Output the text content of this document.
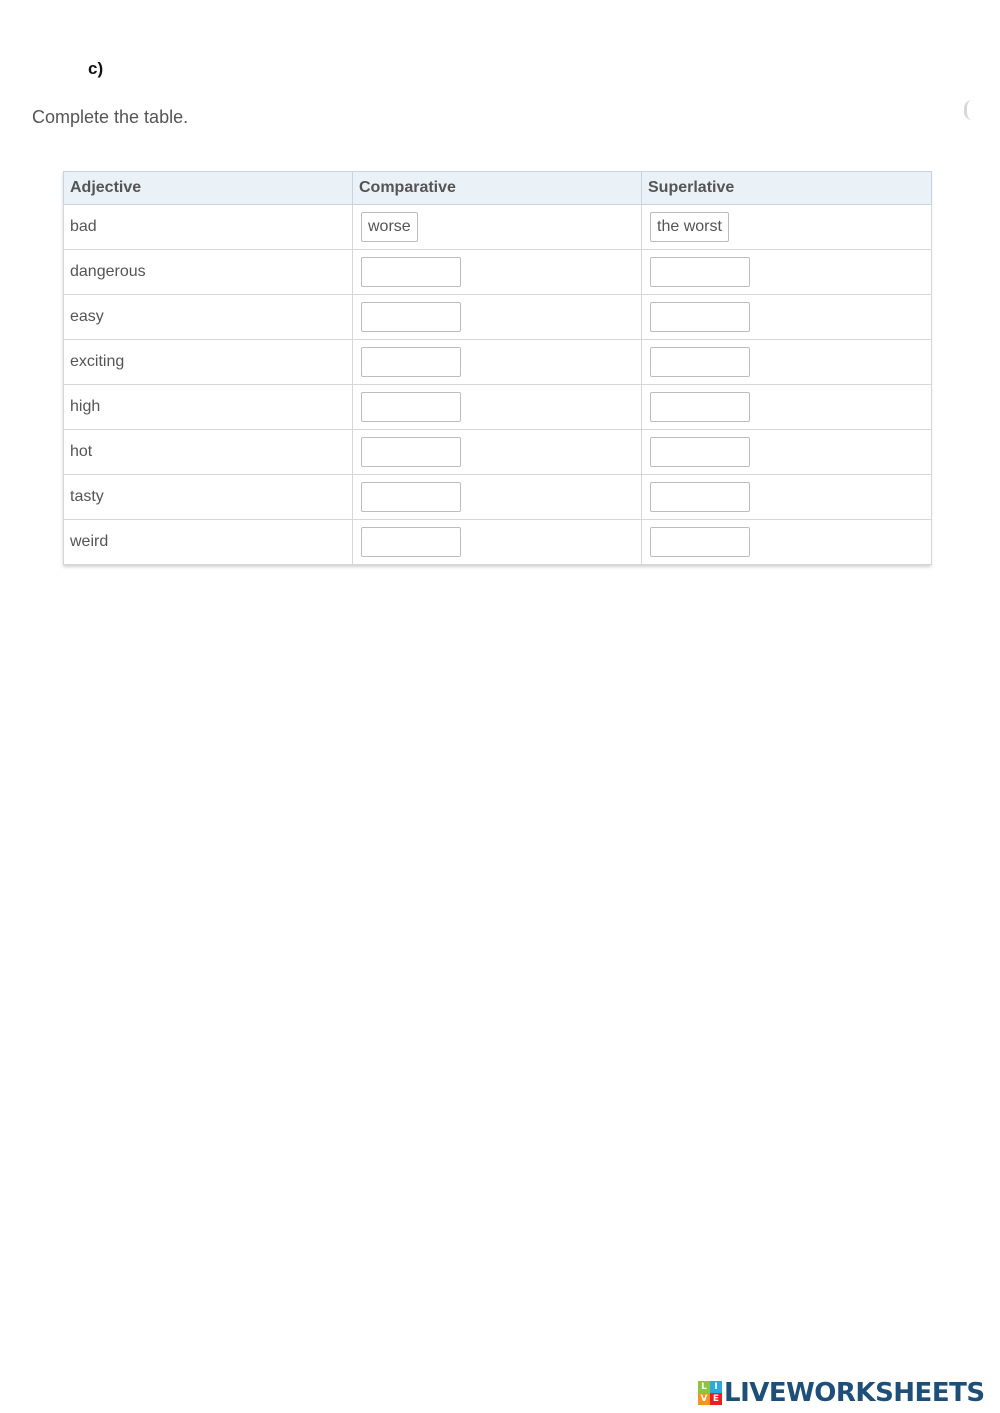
c)
Complete the table.
Adjective	Comparative	Superlative
bad	worse	the worst
dangerous		
easy		
exciting		
high		
hot		
tasty		
weird		
L I
V E LIVEWORKSHEETS
